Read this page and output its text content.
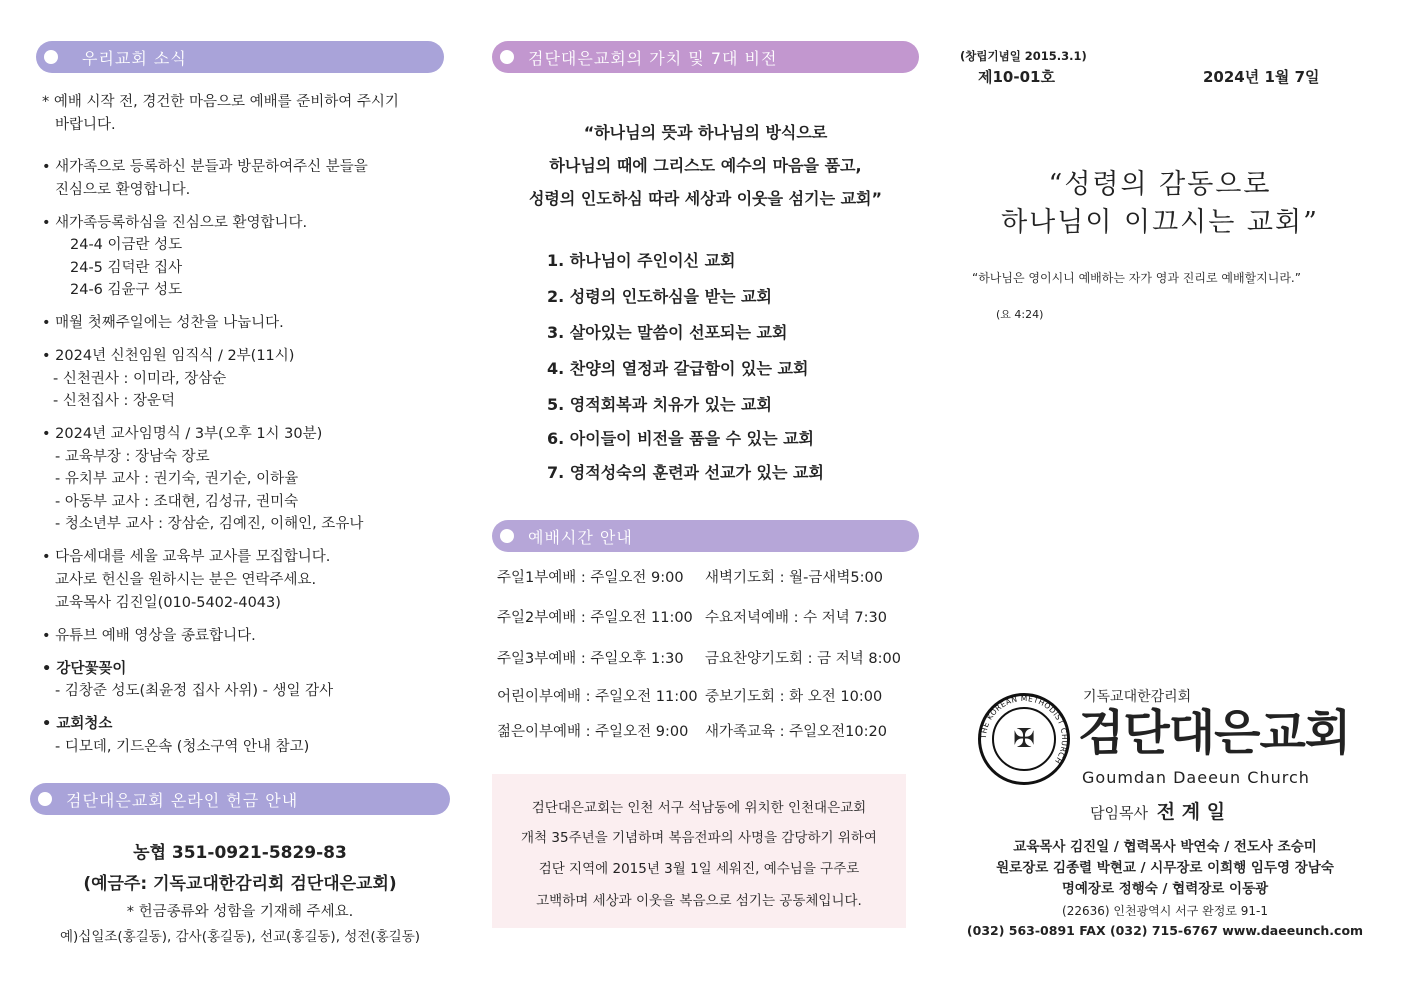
우리교회 소식
* 예배 시작 전, 경건한 마음으로 예배를 준비하여 주시기
바랍니다.
• 새가족으로 등록하신 분들과 방문하여주신 분들을
진심으로 환영합니다.
• 새가족등록하심을 진심으로 환영합니다.
24-4 이금란 성도
24-5 김덕란 집사
24-6 김윤구 성도
• 매월 첫째주일에는 성찬을 나눕니다.
• 2024년 신천임원 임직식 / 2부(11시)
- 신천권사 : 이미라, 장삼순
- 신천집사 : 장운덕
• 2024년 교사임명식 / 3부(오후 1시 30분)
- 교육부장 : 장남숙 장로
- 유치부 교사 : 권기숙, 권기순, 이하율
- 아동부 교사 : 조대현, 김성규, 권미숙
- 청소년부 교사 : 장삼순, 김예진, 이해인, 조유나
• 다음세대를 세울 교육부 교사를 모집합니다.
교사로 헌신을 원하시는 분은 연락주세요.
교육목사 김진일(010-5402-4043)
• 유튜브 예배 영상을 종료합니다.
• 강단꽃꽂이
- 김창준 성도(최윤정 집사 사위) - 생일 감사
• 교회청소
- 디모데, 기드온속 (청소구역 안내 참고)
검단대은교회 온라인 헌금 안내
농협 351-0921-5829-83
(예금주: 기독교대한감리회 검단대은교회)
* 헌금종류와 성함을 기재해 주세요.
예)십일조(홍길동), 감사(홍길동), 선교(홍길동), 성전(홍길동)
검단대은교회의 가치 및 7대 비전
“하나님의 뜻과 하나님의 방식으로
하나님의 때에 그리스도 예수의 마음을 품고,
성령의 인도하심 따라 세상과 이웃을 섬기는 교회”
1. 하나님이 주인이신 교회
2. 성령의 인도하심을 받는 교회
3. 살아있는 말씀이 선포되는 교회
4. 찬양의 열정과 갈급함이 있는 교회
5. 영적회복과 치유가 있는 교회
6. 아이들이 비전을 품을 수 있는 교회
7. 영적성숙의 훈련과 선교가 있는 교회
예배시간 안내
주일1부예배 : 주일오전 9:00 새벽기도회 : 월-금새벽5:00
주일2부예배 : 주일오전 11:00 수요저녁예배 : 수 저녁 7:30
주일3부예배 : 주일오후 1:30 금요찬양기도회 : 금 저녁 8:00
어린이부예배 : 주일오전 11:00 중보기도회 : 화 오전 10:00
젊은이부예배 : 주일오전 9:00 새가족교육 : 주일오전10:20
검단대은교회는 인천 서구 석남동에 위치한 인천대은교회
개척 35주년을 기념하며 복음전파의 사명을 감당하기 위하여
검단 지역에 2015년 3월 1일 세워진, 예수님을 구주로
고백하며 세상과 이웃을 복음으로 섬기는 공동체입니다.
(창립기념일 2015.3.1)
제10-01호	2024년 1월 7일
“성령의 감동으로
하나님이 이끄시는 교회”
“하나님은 영이시니 예배하는 자가 영과 진리로 예배할지니라.”
(요 4:24)
THE KOREAN METHODIST CHURCH
✠
기독교대한감리회
검단대은교회
Goumdan Daeeun Church
담임목사 전 계 일
교육목사 김진일 / 협력목사 박연숙 / 전도사 조승미
원로장로 김종렬 박현교 / 시무장로 이희행 임두영 장남숙
명예장로 정행숙 / 협력장로 이동광
(22636) 인천광역시 서구 완정로 91-1
(032) 563-0891 FAX (032) 715-6767 www.daeeunch.com
